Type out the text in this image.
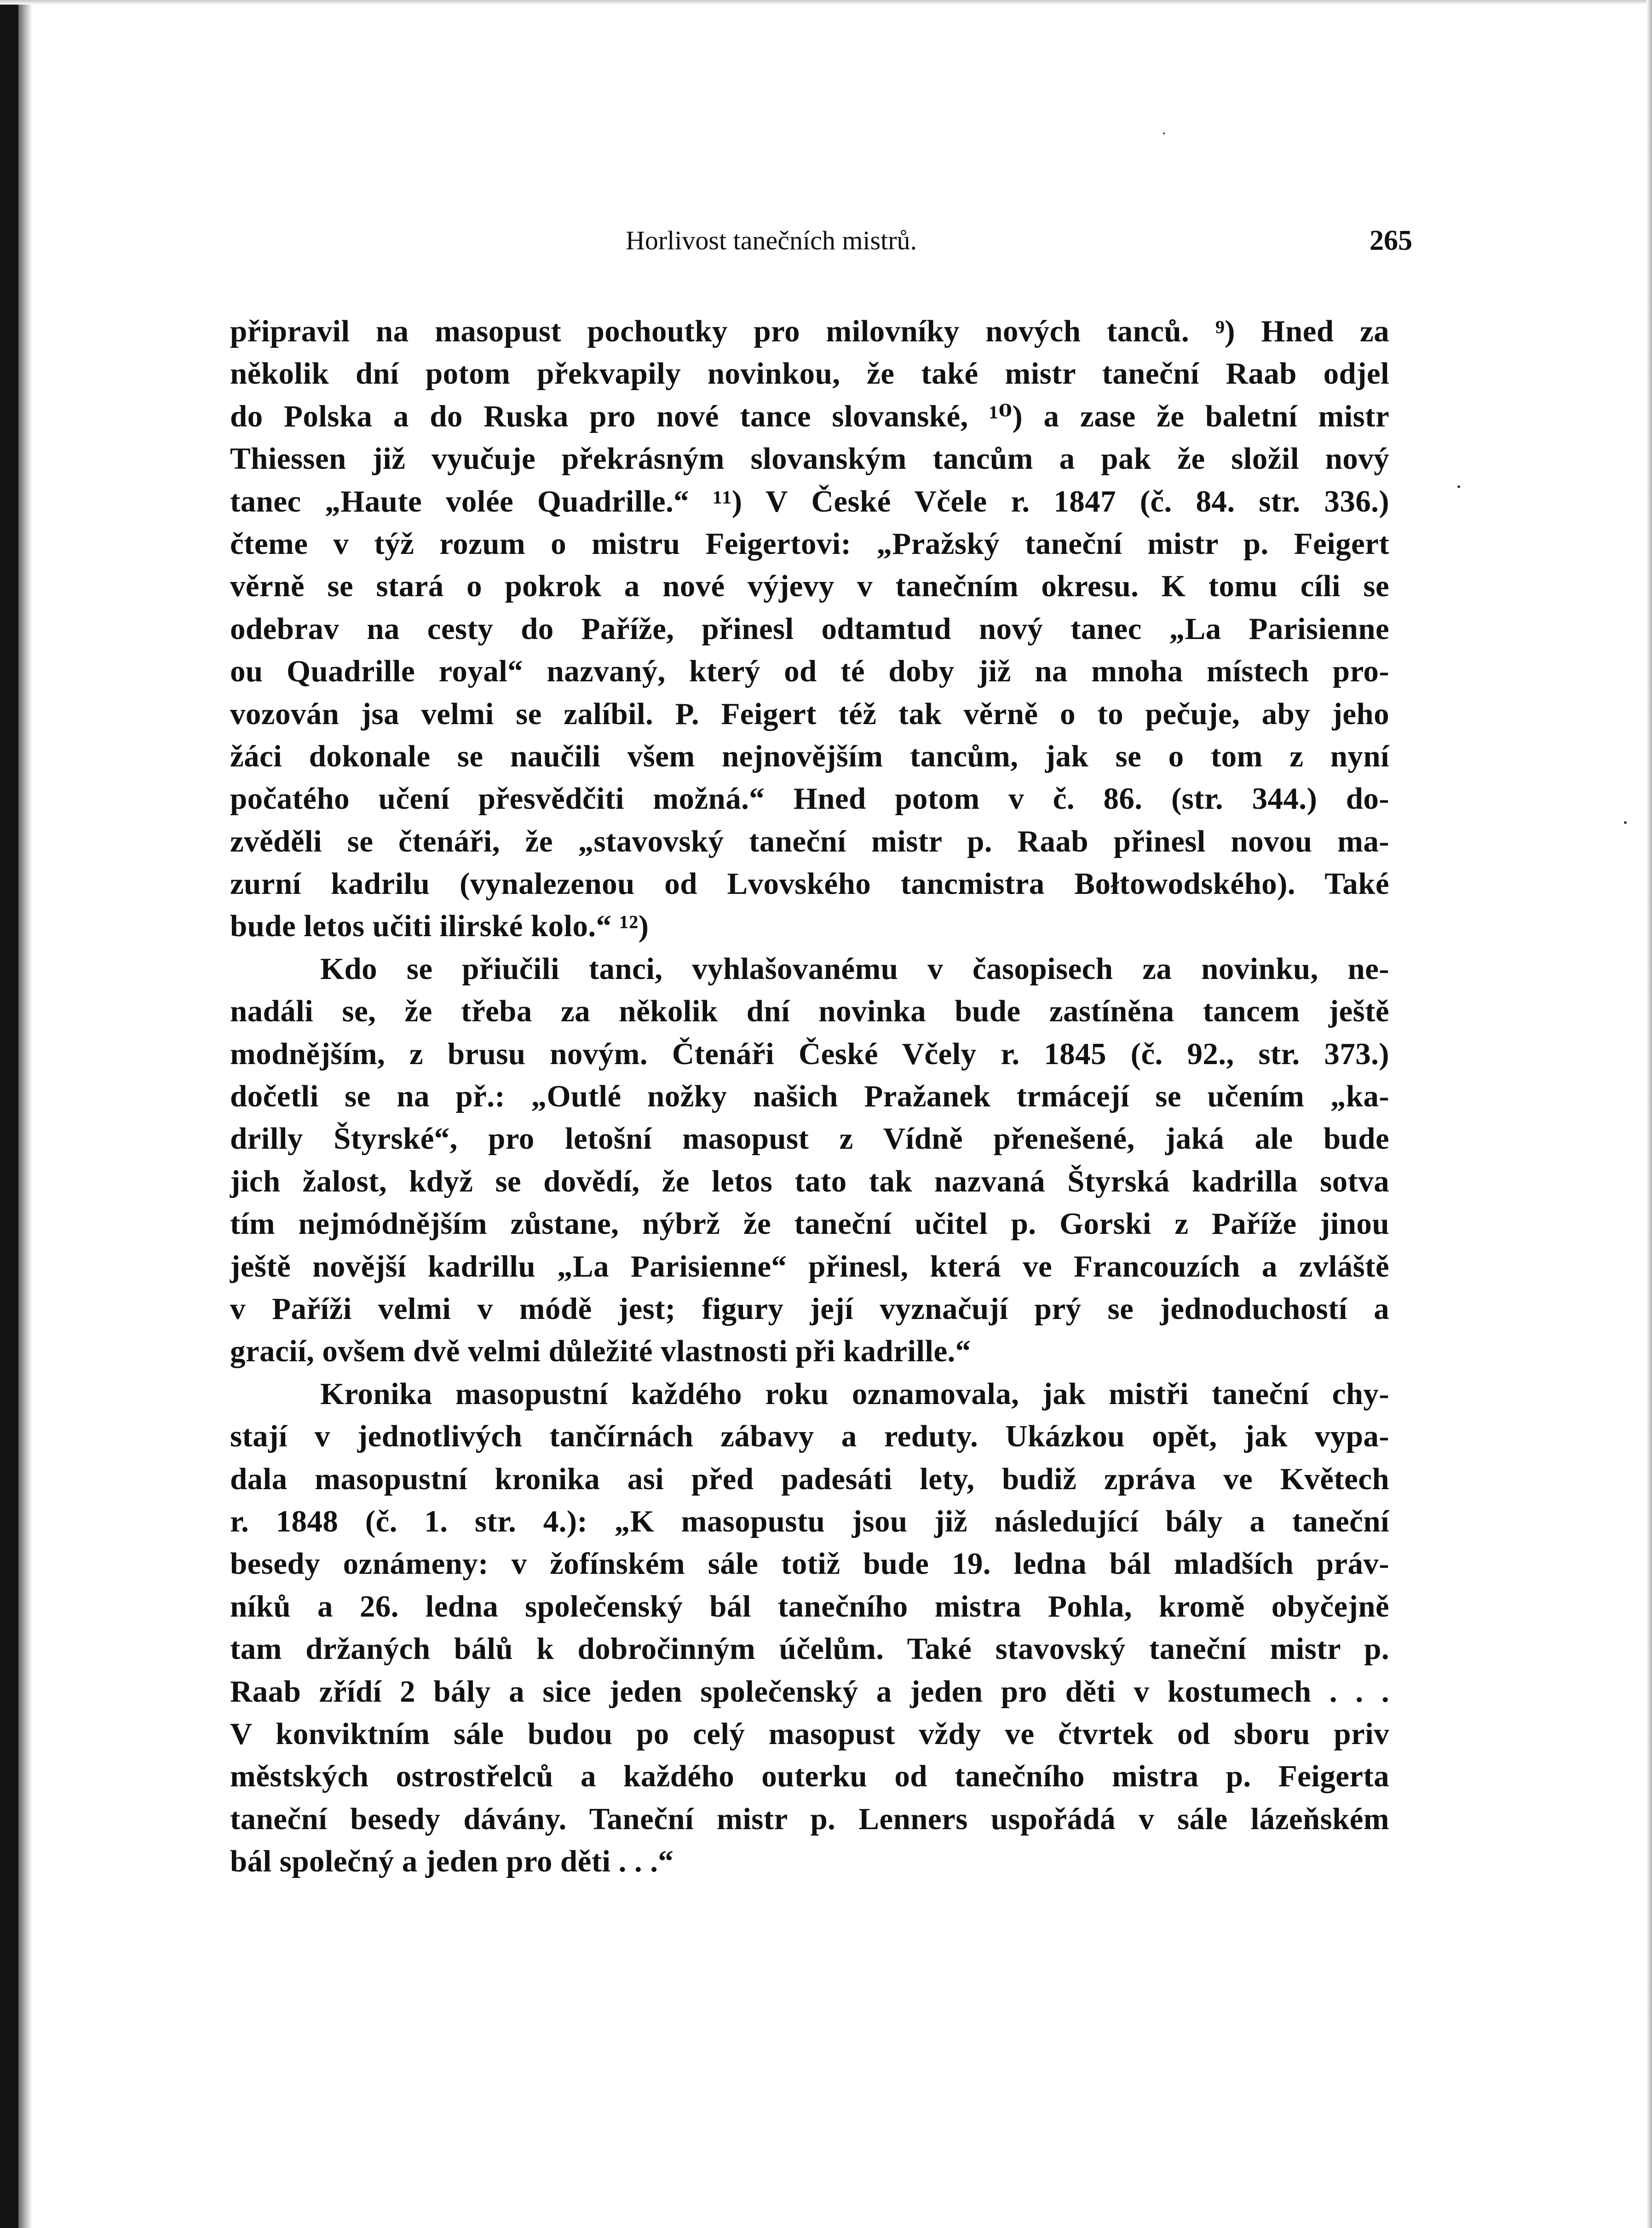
Horlivost tanečních mistrů.	265
připravil na masopust pochoutky pro milovníky nových tanců. ⁹) Hned za
několik dní potom překvapily novinkou, že také mistr taneční Raab odjel
do Polska a do Ruska pro nové tance slovanské, ¹⁰) a zase že baletní mistr
Thiessen již vyučuje překrásným slovanským tancům a pak že složil nový
tanec „Haute volée Quadrille.“ ¹¹) V České Včele r. 1847 (č. 84. str. 336.)
čteme v týž rozum o mistru Feigertovi: „Pražský taneční mistr p. Feigert
věrně se stará o pokrok a nové výjevy v tanečním okresu. K tomu cíli se
odebrav na cesty do Paříže, přinesl odtamtud nový tanec „La Parisienne
ou Quadrille royal“ nazvaný, který od té doby již na mnoha místech pro-
vozován jsa velmi se zalíbil. P. Feigert též tak věrně o to pečuje, aby jeho
žáci dokonale se naučili všem nejnovějším tancům, jak se o tom z nyní
počatého učení přesvědčiti možná.“ Hned potom v č. 86. (str. 344.) do-
zvěděli se čtenáři, že „stavovský taneční mistr p. Raab přinesl novou ma-
zurní kadrilu (vynalezenou od Lvovského tancmistra Bołtowodského). Také
bude letos učiti ilirské kolo.“ ¹²)
Kdo se přiučili tanci, vyhlašovanému v časopisech za novinku, ne-
nadáli se, že třeba za několik dní novinka bude zastíněna tancem ještě
modnějším, z brusu novým. Čtenáři České Včely r. 1845 (č. 92., str. 373.)
dočetli se na př.: „Outlé nožky našich Pražanek trmácejí se učením „ka-
drilly Štyrské“, pro letošní masopust z Vídně přenešené, jaká ale bude
jich žalost, když se dovědí, že letos tato tak nazvaná Štyrská kadrilla sotva
tím nejmódnějším zůstane, nýbrž že taneční učitel p. Gorski z Paříže jinou
ještě novější kadrillu „La Parisienne“ přinesl, která ve Francouzích a zvláště
v Paříži velmi v módě jest; figury její vyznačují prý se jednoduchostí a
gracií, ovšem dvě velmi důležité vlastnosti při kadrille.“
Kronika masopustní každého roku oznamovala, jak mistři taneční chy-
stají v jednotlivých tančírnách zábavy a reduty. Ukázkou opět, jak vypa-
dala masopustní kronika asi před padesáti lety, budiž zpráva ve Květech
r. 1848 (č. 1. str. 4.): „K masopustu jsou již následující bály a taneční
besedy oznámeny: v žofínském sále totiž bude 19. ledna bál mladších práv-
níků a 26. ledna společenský bál tanečního mistra Pohla, kromě obyčejně
tam držaných bálů k dobročinným účelům. Také stavovský taneční mistr p.
Raab zřídí 2 bály a sice jeden společenský a jeden pro děti v kostumech . . .
V konviktním sále budou po celý masopust vždy ve čtvrtek od sboru priv
městských ostrostřelců a každého outerku od tanečního mistra p. Feigerta
taneční besedy dávány. Taneční mistr p. Lenners uspořádá v sále lázeňském
bál společný a jeden pro děti . . .“
